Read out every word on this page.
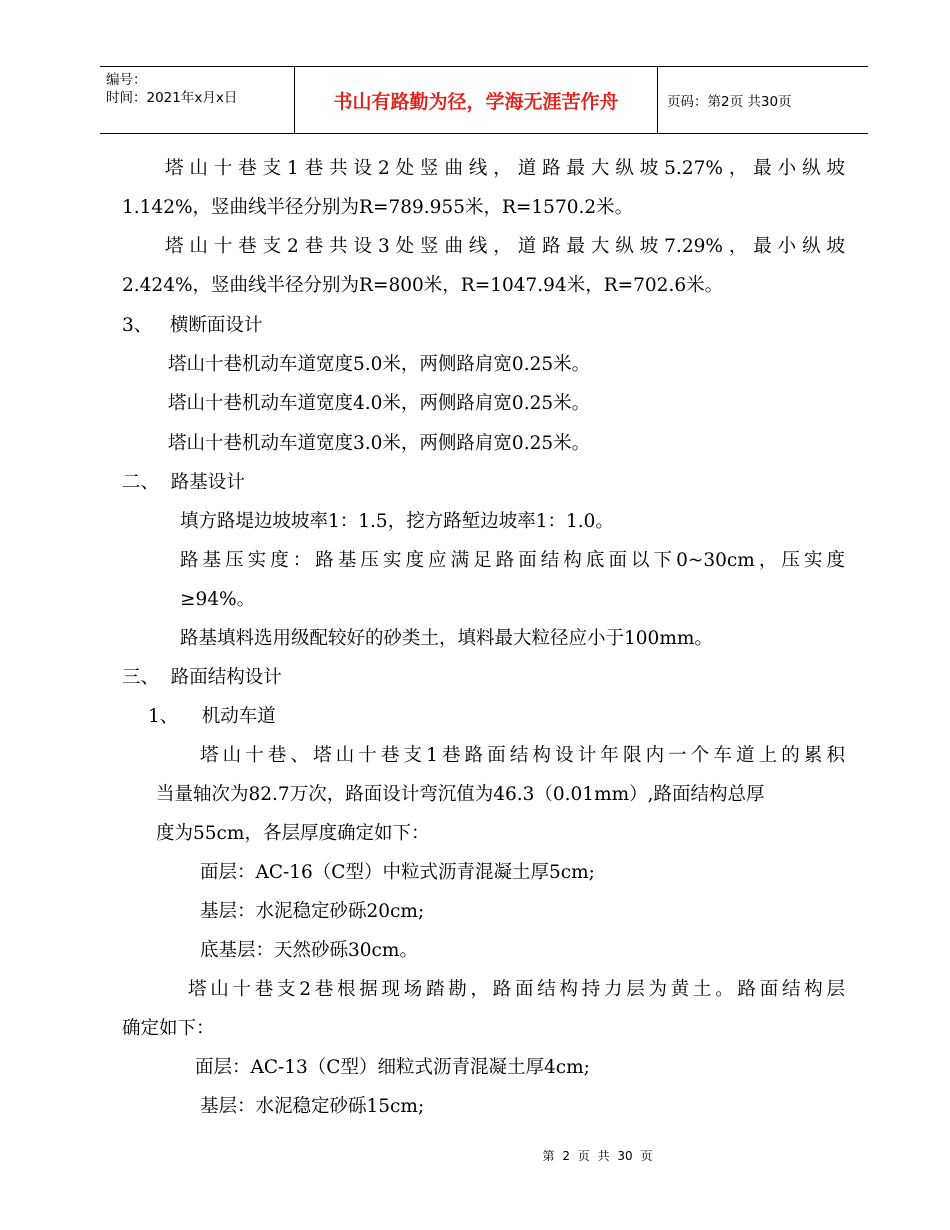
编号：
时间：2021年x月x日	书山有路勤为径，学海无涯苦作舟	页码：第2页 共30页
塔山十巷支1巷共设2处竖曲线，道路最大纵坡5.27%，最小纵坡
1.142%，竖曲线半径分别为R=789.955米，R=1570.2米。
塔山十巷支2巷共设3处竖曲线，道路最大纵坡7.29%，最小纵坡
2.424%，竖曲线半径分别为R=800米，R=1047.94米，R=702.6米。
3、   横断面设计
塔山十巷机动车道宽度5.0米，两侧路肩宽0.25米。
塔山十巷机动车道宽度4.0米，两侧路肩宽0.25米。
塔山十巷机动车道宽度3.0米，两侧路肩宽0.25米。
二、  路基设计
填方路堤边坡坡率1：1.5，挖方路堑边坡率1：1.0。
路基压实度：路基压实度应满足路面结构底面以下0~30cm，压实度
≥94%。
路基填料选用级配较好的砂类土，填料最大粒径应小于100mm。
三、  路面结构设计
1、    机动车道
塔山十巷、塔山十巷支1巷路面结构设计年限内一个车道上的累积
当量轴次为82.7万次，路面设计弯沉值为46.3（0.01mm）,路面结构总厚
度为55cm，各层厚度确定如下：
面层：AC-16（C型）中粒式沥青混凝土厚5cm;
基层：水泥稳定砂砾20cm;
底基层：天然砂砾30cm。
塔山十巷支2巷根据现场踏勘，路面结构持力层为黄土。路面结构层
确定如下：
面层：AC-13（C型）细粒式沥青混凝土厚4cm;
基层：水泥稳定砂砾15cm;
第 2 页 共 30 页
